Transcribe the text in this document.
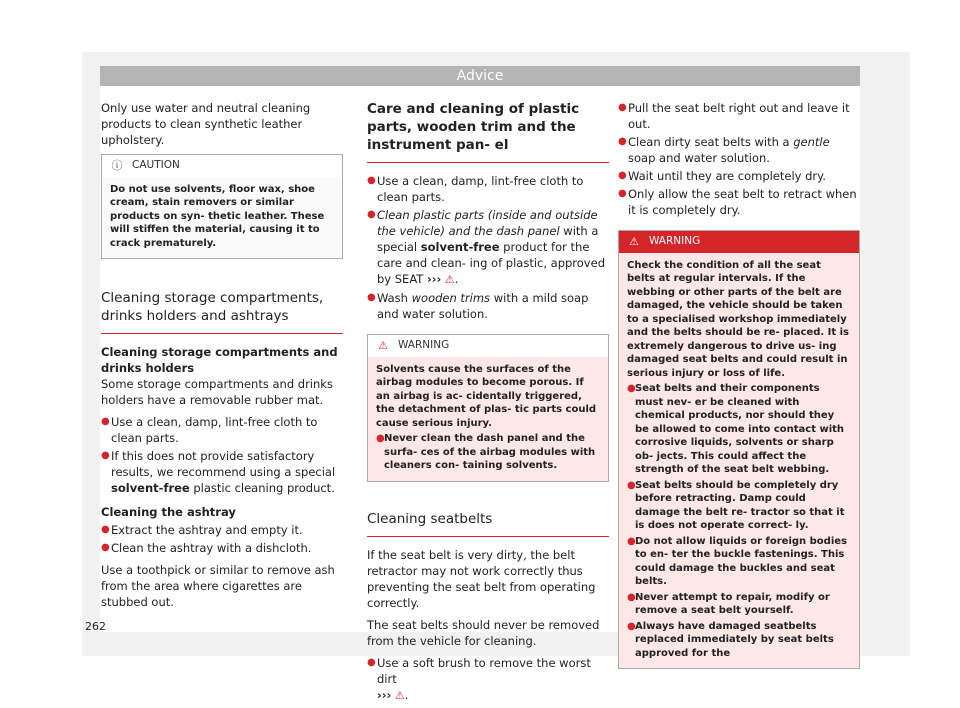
Advice

Only use water and neutral cleaning products to clean synthetic leather upholstery.

ⓘ CAUTION
Do not use solvents, floor wax, shoe cream, stain removers or similar products on syn- thetic leather. These will stiffen the material, causing it to crack prematurely.
Cleaning storage compartments, drinks holders and ashtrays

Cleaning storage compartments and drinks holders

Some storage compartments and drinks holders have a removable rubber mat.

● Use a clean, damp, lint-free cloth to clean parts.
● If this does not provide satisfactory results, we recommend using a special solvent-free plastic cleaning product.

Cleaning the ashtray

● Extract the ashtray and empty it.
● Clean the ashtray with a dishcloth.

Use a toothpick or similar to remove ash from the area where cigarettes are stubbed out.

Care and cleaning of plastic parts, wooden trim and the instrument pan- el
● Use a clean, damp, lint-free cloth to clean parts.
● Clean plastic parts (inside and outside the vehicle) and the dash panel with a special solvent-free product for the care and clean- ing of plastic, approved by SEAT ››› ⚠.
● Wash wooden trims with a mild soap and water solution.
⚠ WARNING
Solvents cause the surfaces of the airbag modules to become porous. If an airbag is ac- cidentally triggered, the detachment of plas- tic parts could cause serious injury.
● Never clean the dash panel and the surfa- ces of the airbag modules with cleaners con- taining solvents.
Cleaning seatbelts

If the seat belt is very dirty, the belt retractor may not work correctly thus preventing the seat belt from operating correctly.

The seat belts should never be removed from the vehicle for cleaning.

● Use a soft brush to remove the worst dirt
››› ⚠.
● Pull the seat belt right out and leave it out.
● Clean dirty seat belts with a gentle soap and water solution.
● Wait until they are completely dry.
● Only allow the seat belt to retract when it is completely dry.
⚠ WARNING
Check the condition of all the seat belts at regular intervals. If the webbing or other parts of the belt are damaged, the vehicle should be taken to a specialised workshop immediately and the belts should be re- placed. It is extremely dangerous to drive us- ing damaged seat belts and could result in serious injury or loss of life.
● Seat belts and their components must nev- er be cleaned with chemical products, nor should they be allowed to come into contact with corrosive liquids, solvents or sharp ob- jects. This could affect the strength of the seat belt webbing.
● Seat belts should be completely dry before retracting. Damp could damage the belt re- tractor so that it is does not operate correct- ly.
● Do not allow liquids or foreign bodies to en- ter the buckle fastenings. This could damage the buckles and seat belts.
● Never attempt to repair, modify or remove a seat belt yourself.
● Always have damaged seatbelts replaced immediately by seat belts approved for the
262
